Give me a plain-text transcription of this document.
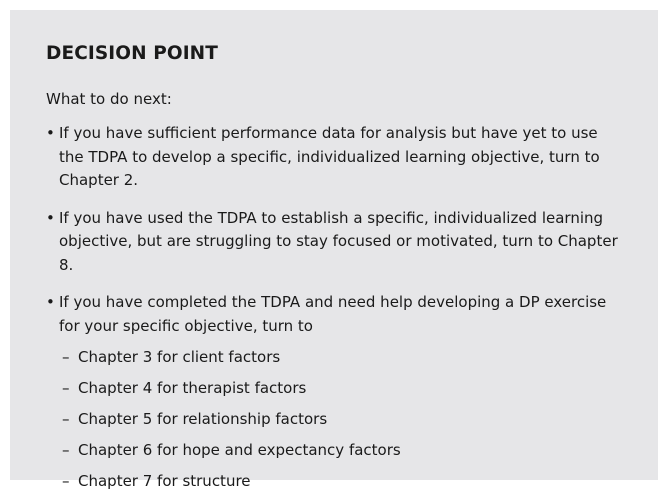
DECISION POINT

What to do next:

• If you have sufficient performance data for analysis but have yet to use the TDPA to develop a specific, individualized learning objective, turn to Chapter 2.
• If you have used the TDPA to establish a specific, individualized learning objective, but are struggling to stay focused or motivated, turn to Chapter 8.
• If you have completed the TDPA and need help developing a DP exercise for your specific objective, turn to
– Chapter 3 for client factors
– Chapter 4 for therapist factors
– Chapter 5 for relationship factors
– Chapter 6 for hope and expectancy factors
– Chapter 7 for structure
